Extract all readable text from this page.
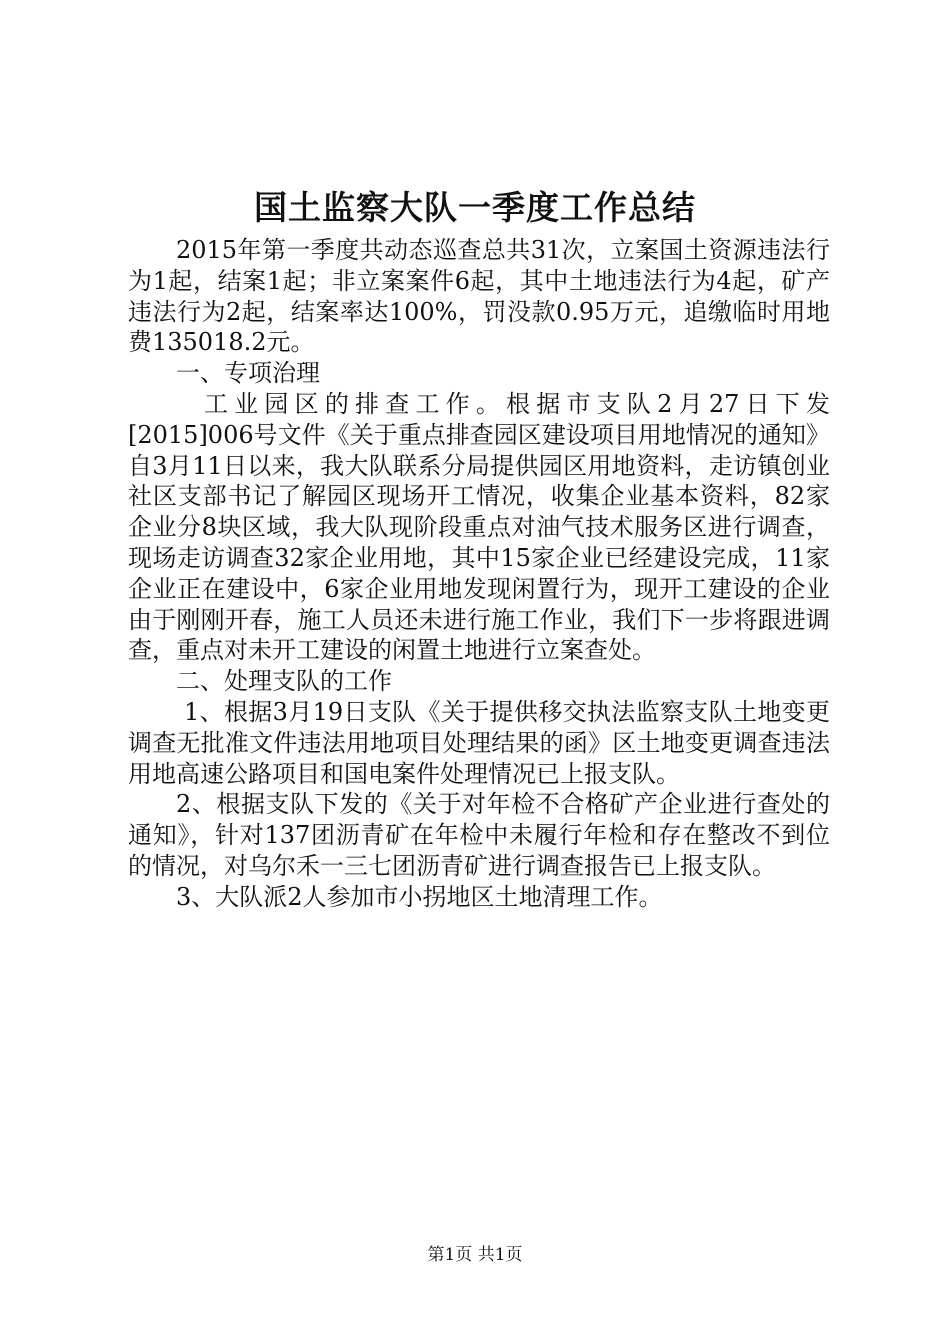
国土监察大队一季度工作总结

2015年第一季度共动态巡查总共31次，立案国土资源违法行为1起，结案1起；非立案案件6起，其中土地违法行为4起，矿产违法行为2起，结案率达100%，罚没款0.95万元，追缴临时用地费135018.2元。

一、专项治理

工业园区的排查工作。根据市支队2月27日下发[2015]006号文件《关于重点排查园区建设项目用地情况的通知》自3月11日以来，我大队联系分局提供园区用地资料，走访镇创业社区支部书记了解园区现场开工情况，收集企业基本资料，82家企业分8块区域，我大队现阶段重点对油气技术服务区进行调查，现场走访调查32家企业用地，其中15家企业已经建设完成，11家企业正在建设中，6家企业用地发现闲置行为，现开工建设的企业由于刚刚开春，施工人员还未进行施工作业，我们下一步将跟进调查，重点对未开工建设的闲置土地进行立案查处。

二、处理支队的工作

1、根据3月19日支队《关于提供移交执法监察支队土地变更调查无批准文件违法用地项目处理结果的函》区土地变更调查违法用地高速公路项目和国电案件处理情况已上报支队。

2、根据支队下发的《关于对年检不合格矿产企业进行查处的通知》，针对137团沥青矿在年检中未履行年检和存在整改不到位的情况，对乌尔禾一三七团沥青矿进行调查报告已上报支队。

3、大队派2人参加市小拐地区土地清理工作。

第1页 共1页
